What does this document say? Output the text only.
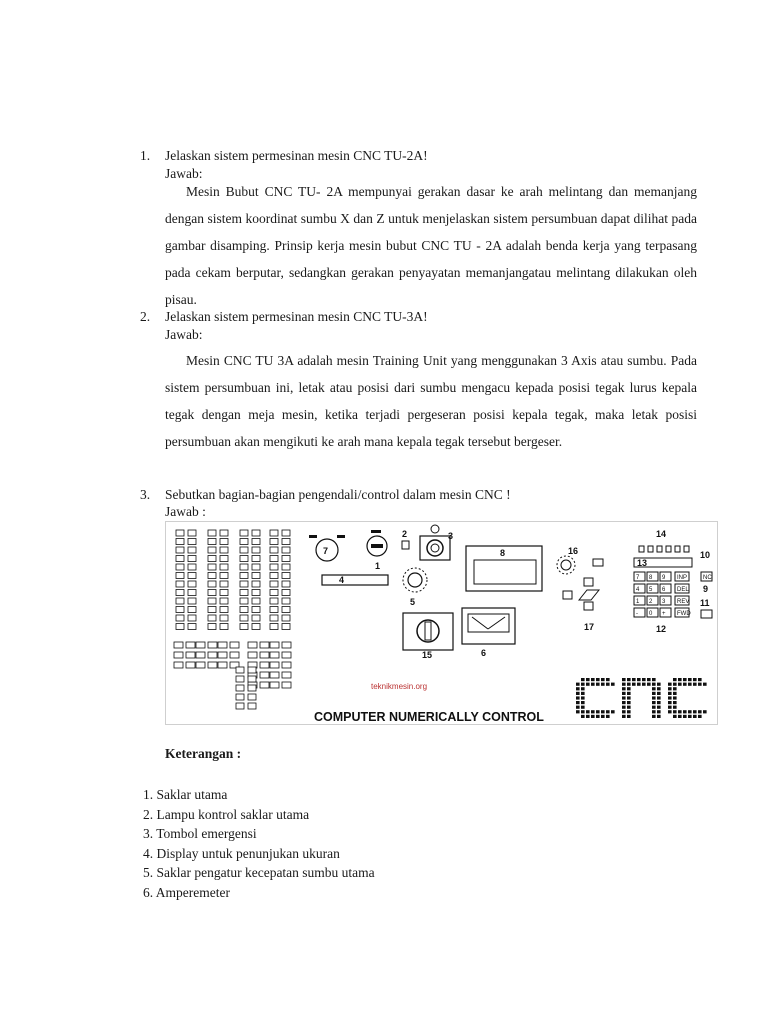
1. Jelaskan sistem permesinan mesin CNC TU-2A!
Jawab:
Mesin Bubut CNC TU- 2A mempunyai gerakan dasar ke arah melintang dan memanjang dengan sistem koordinat sumbu X dan Z untuk menjelaskan sistem persumbuan dapat dilihat pada gambar disamping. Prinsip kerja mesin bubut CNC TU - 2A adalah benda kerja yang terpasang pada cekam berputar, sedangkan gerakan penyayatan memanjangatau melintang dilakukan oleh pisau.
2. Jelaskan sistem permesinan mesin CNC TU-3A!
Jawab:
Mesin CNC TU 3A adalah mesin Training Unit yang menggunakan 3 Axis atau sumbu. Pada sistem persumbuan ini, letak atau posisi dari sumbu mengacu kepada posisi tegak lurus kepala tegak dengan meja mesin, ketika terjadi pergeseran posisi kepala tegak, maka letak posisi persumbuan akan mengikuti ke arah mana kepala tegak tersebut bergeser.
3. Sebutkan bagian-bagian pengendali/control dalam mesin CNC !
Jawab :
7
1
2	3
4
5
8
15	6
16
17
14
13
7 8 9 INP
4 5 6 DEL
1 2 3 REV
- 0 + FWD
12
10
NC
9
11
teknikmesin.org
COMPUTER NUMERICALLY CONTROL
Keterangan :
1. Saklar utama
2. Lampu kontrol saklar utama
3. Tombol emergensi
4. Display untuk penunjukan ukuran
5. Saklar pengatur kecepatan sumbu utama
6. Amperemeter
